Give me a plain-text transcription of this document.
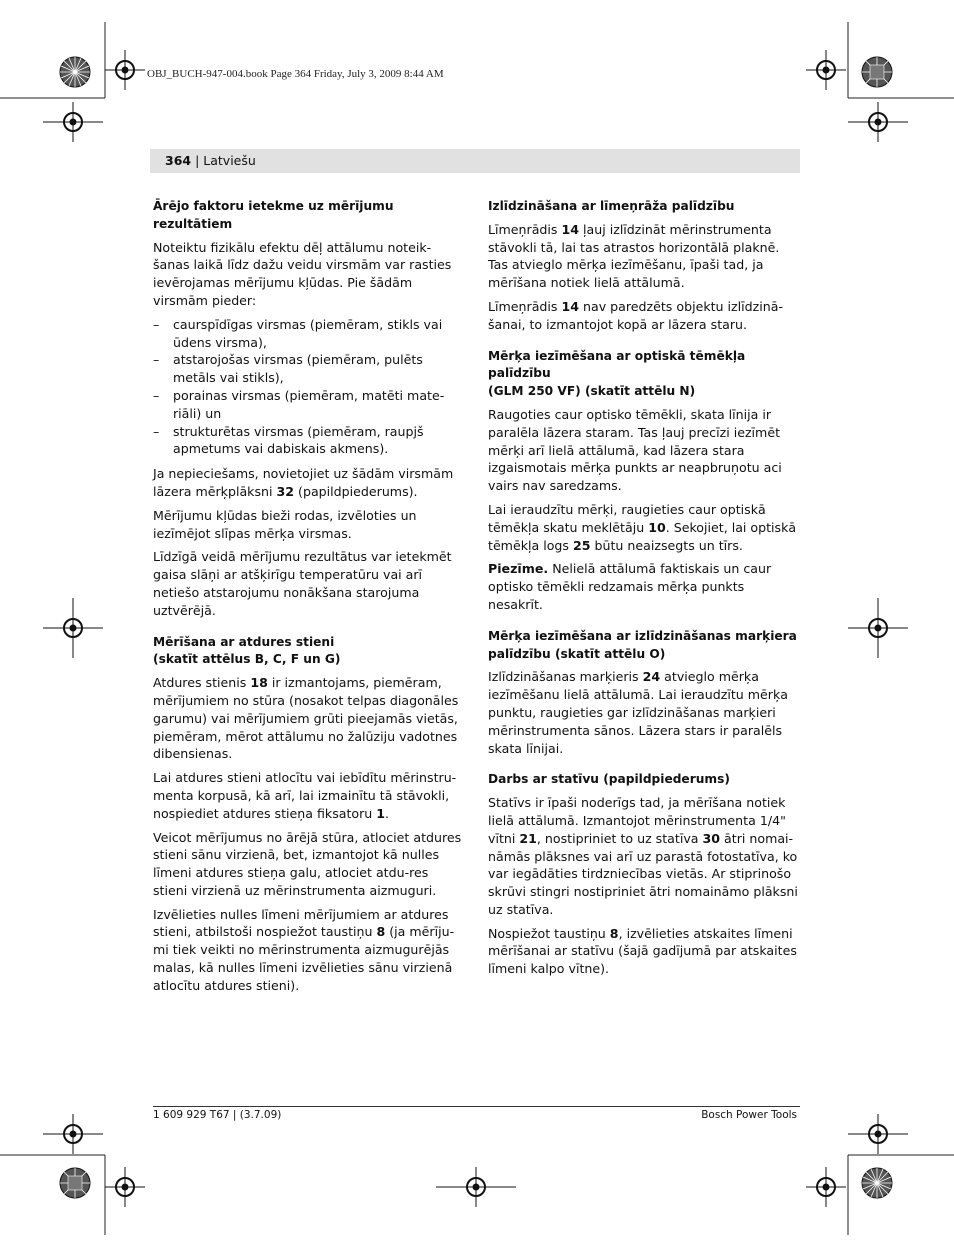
OBJ_BUCH-947-004.book Page 364 Friday, July 3, 2009 8:44 AM
364 | Latviešu
Ārējo faktoru ietekme uz mērījumu rezultātiem

Noteiktu fizikālu efektu dēļ attālumu noteik-šanas laikā līdz dažu veidu virsmām var rasties ievērojamas mērījumu kļūdas. Pie šādām virsmām pieder:

– caurspīdīgas virsmas (piemēram, stikls vai ūdens virsma),
– atstarojošas virsmas (piemēram, pulēts metāls vai stikls),
– porainas virsmas (piemēram, matēti mate-riāli) un
– strukturētas virsmas (piemēram, raupjš apmetums vai dabiskais akmens).

Ja nepieciešams, novietojiet uz šādām virsmām lāzera mērķplāksni 32 (papildpiederums).

Mērījumu kļūdas bieži rodas, izvēloties un iezīmējot slīpas mērķa virsmas.

Līdzīgā veidā mērījumu rezultātus var ietekmēt gaisa slāņi ar atšķirīgu temperatūru vai arī netiešo atstarojumu nonākšana starojuma uztvērējā.

Mērīšana ar atdures stieni
(skatīt attēlus B, C, F un G)

Atdures stienis 18 ir izmantojams, piemēram, mērījumiem no stūra (nosakot telpas diagonāles garumu) vai mērījumiem grūti pieejamās vietās, piemēram, mērot attālumu no žalūziju vadotnes dibensienas.

Lai atdures stieni atlocītu vai iebīdītu mērinstru-menta korpusā, kā arī, lai izmainītu tā stāvokli, nospiediet atdures stieņa fiksatoru 1.

Veicot mērījumus no ārējā stūra, atlociet atdures stieni sānu virzienā, bet, izmantojot kā nulles līmeni atdures stieņa galu, atlociet atdu-res stieni virzienā uz mērinstrumenta aizmuguri.

Izvēlieties nulles līmeni mērījumiem ar atdures stieni, atbilstoši nospiežot taustiņu 8 (ja mērīju-mi tiek veikti no mērinstrumenta aizmugurējās malas, kā nulles līmeni izvēlieties sānu virzienā atlocītu atdures stieni).

Izlīdzināšana ar līmeņrāža palīdzību

Līmeņrādis 14 ļauj izlīdzināt mērinstrumenta stāvokli tā, lai tas atrastos horizontālā plaknē. Tas atvieglo mērķa iezīmēšanu, īpaši tad, ja mērīšana notiek lielā attālumā.

Līmeņrādis 14 nav paredzēts objektu izlīdzinā-šanai, to izmantojot kopā ar lāzera staru.

Mērķa iezīmēšana ar optiskā tēmēkļa palīdzību
(GLM 250 VF) (skatīt attēlu N)

Raugoties caur optisko tēmēkli, skata līnija ir paralēla lāzera staram. Tas ļauj precīzi iezīmēt mērķi arī lielā attālumā, kad lāzera stara izgaismotais mērķa punkts ar neapbruņotu aci vairs nav saredzams.

Lai ieraudzītu mērķi, raugieties caur optiskā tēmēkļa skatu meklētāju 10. Sekojiet, lai optiskā tēmēkļa logs 25 būtu neaizsegts un tīrs.

Piezīme. Nelielā attālumā faktiskais un caur optisko tēmēkli redzamais mērķa punkts nesakrīt.

Mērķa iezīmēšana ar izlīdzināšanas marķiera
palīdzību (skatīt attēlu O)

Izlīdzināšanas marķieris 24 atvieglo mērķa iezīmēšanu lielā attālumā. Lai ieraudzītu mērķa punktu, raugieties gar izlīdzināšanas marķieri mērinstrumenta sānos. Lāzera stars ir paralēls skata līnijai.

Darbs ar statīvu (papildpiederums)

Statīvs ir īpaši noderīgs tad, ja mērīšana notiek lielā attālumā. Izmantojot mērinstrumenta 1/4" vītni 21, nostipriniet to uz statīva 30 ātri nomai-nāmās plāksnes vai arī uz parastā fotostatīva, ko var iegādāties tirdzniecības vietās. Ar stiprinošo skrūvi stingri nostipriniet ātri nomaināmo plāksni uz statīva.

Nospiežot taustiņu 8, izvēlieties atskaites līmeni mērīšanai ar statīvu (šajā gadījumā par atskaites līmeni kalpo vītne).

1 609 929 T67 | (3.7.09)	Bosch Power Tools
